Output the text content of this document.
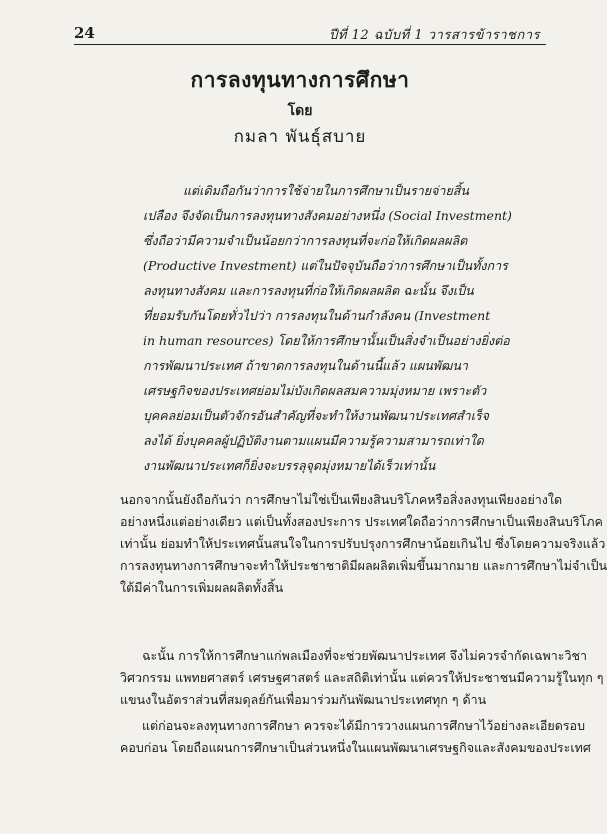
24	ปีที่ 12 ฉบับที่ 1 วารสารข้าราชการ
การลงทุนทางการศึกษา
โดย
กมลา พันธุ์สบาย
แต่เดิมถือกันว่าการใช้จ่ายในการศึกษาเป็นรายจ่ายสิ้น
เปลือง จึงจัดเป็นการลงทุนทางสังคมอย่างหนึ่ง (Social Investment)
ซึ่งถือว่ามีความจำเป็นน้อยกว่าการลงทุนที่จะก่อให้เกิดผลผลิต
(Productive Investment) แต่ในปัจจุบันถือว่าการศึกษาเป็นทั้งการ
ลงทุนทางสังคม และการลงทุนที่ก่อให้เกิดผลผลิต ฉะนั้น จึงเป็น
ที่ยอมรับกันโดยทั่วไปว่า การลงทุนในด้านกำลังคน (Investment
in human resources) โดยให้การศึกษานั้นเป็นสิ่งจำเป็นอย่างยิ่งต่อ
การพัฒนาประเทศ ถ้าขาดการลงทุนในด้านนี้แล้ว แผนพัฒนา
เศรษฐกิจของประเทศย่อมไม่บังเกิดผลสมความมุ่งหมาย เพราะตัว
บุคคลย่อมเป็นตัวจักรอันสำคัญที่จะทำให้งานพัฒนาประเทศสำเร็จ
ลงได้ ยิ่งบุคคลผู้ปฏิบัติงานตามแผนมีความรู้ความสามารถเท่าใด
งานพัฒนาประเทศก็ยิ่งจะบรรลุจุดมุ่งหมายได้เร็วเท่านั้น
นอกจากนั้นยังถือกันว่า การศึกษาไม่ใช่เป็นเพียงสินบริโภคหรือสิ่งลงทุนเพียงอย่างใด
อย่างหนึ่งแต่อย่างเดียว แต่เป็นทั้งสองประการ ประเทศใดถือว่าการศึกษาเป็นเพียงสินบริโภค
เท่านั้น ย่อมทำให้ประเทศนั้นสนใจในการปรับปรุงการศึกษาน้อยเกินไป ซึ่งโดยความจริงแล้ว
การลงทุนทางการศึกษาจะทำให้ประชาชาติมีผลผลิตเพิ่มขึ้นมากมาย และการศึกษาไม่จำเป็น
ใต้มีค่าในการเพิ่มผลผลิตทั้งสิ้น
ฉะนั้น การให้การศึกษาแก่พลเมืองที่จะช่วยพัฒนาประเทศ จึงไม่ควรจำกัดเฉพาะวิชา
วิศวกรรม แพทยศาสตร์ เศรษฐศาสตร์ และสถิติเท่านั้น แต่ควรให้ประชาชนมีความรู้ในทุก ๆ
แขนงในอัตราส่วนที่สมดุลย์กันเพื่อมาร่วมกันพัฒนาประเทศทุก ๆ ด้าน
แต่ก่อนจะลงทุนทางการศึกษา ควรจะได้มีการวางแผนการศึกษาไว้อย่างละเอียดรอบ
คอบก่อน โดยถือแผนการศึกษาเป็นส่วนหนึ่งในแผนพัฒนาเศรษฐกิจและสังคมของประเทศ
